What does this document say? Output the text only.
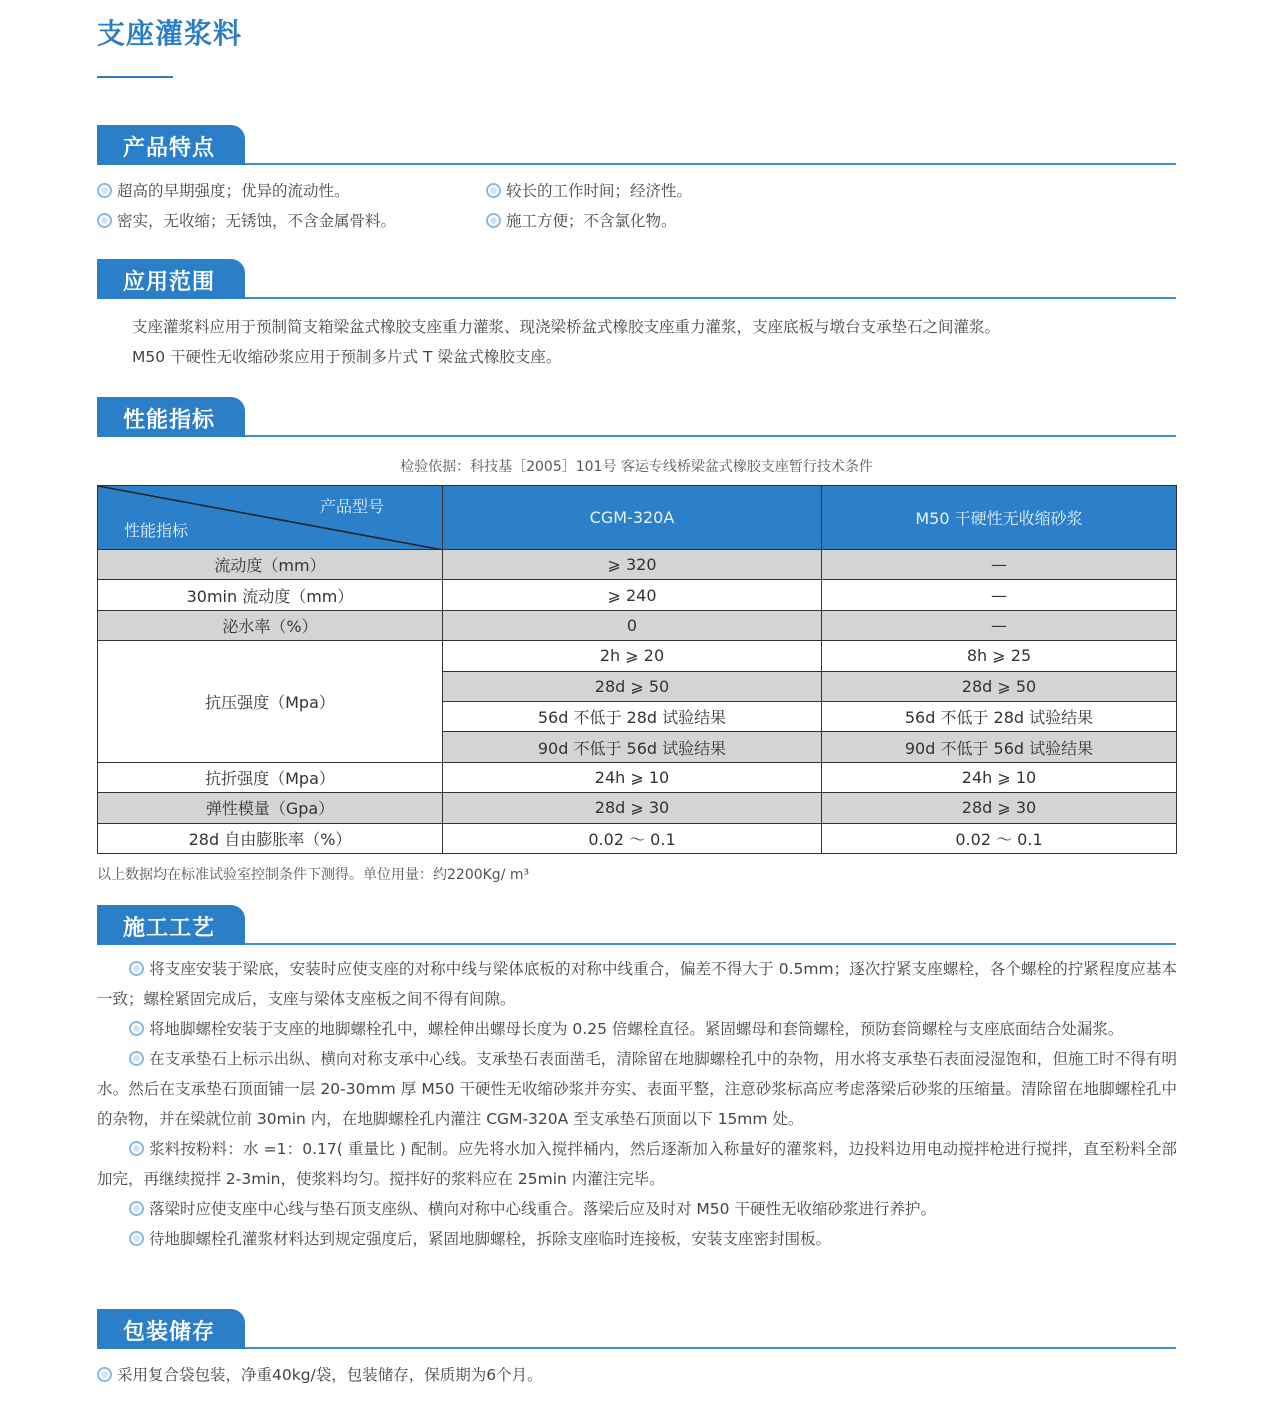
支座灌浆料
产品特点
超高的早期强度；优异的流动性。	较长的工作时间；经济性。
密实，无收缩；无锈蚀，不含金属骨料。	施工方便；不含氯化物。
应用范围
支座灌浆料应用于预制简支箱梁盆式橡胶支座重力灌浆、现浇梁桥盆式橡胶支座重力灌浆，支座底板与墩台支承垫石之间灌浆。
M50 干硬性无收缩砂浆应用于预制多片式 T 梁盆式橡胶支座。
性能指标
检验依据：科技基［2005］101号 客运专线桥梁盆式橡胶支座暂行技术条件
产品型号
性能指标	CGM-320A	M50 干硬性无收缩砂浆
流动度（mm）	⩾ 320	—
30min 流动度（mm）	⩾ 240	—
泌水率（%）	0	—
抗压强度（Mpa）	2h ⩾ 20	8h ⩾ 25
	28d ⩾ 50	28d ⩾ 50
	56d 不低于 28d 试验结果	56d 不低于 28d 试验结果
	90d 不低于 56d 试验结果	90d 不低于 56d 试验结果
抗折强度（Mpa）	24h ⩾ 10	24h ⩾ 10
弹性模量（Gpa）	28d ⩾ 30	28d ⩾ 30
28d 自由膨胀率（%）	0.02 ～ 0.1	0.02 ～ 0.1
以上数据均在标准试验室控制条件下测得。单位用量：约2200Kg/ m³
施工工艺

将支座安装于梁底，安装时应使支座的对称中线与梁体底板的对称中线重合，偏差不得大于 0.5mm；逐次拧紧支座螺栓，各个螺栓的拧紧程度应基本一致；螺栓紧固完成后，支座与梁体支座板之间不得有间隙。

将地脚螺栓安装于支座的地脚螺栓孔中，螺栓伸出螺母长度为 0.25 倍螺栓直径。紧固螺母和套筒螺栓，预防套筒螺栓与支座底面结合处漏浆。

在支承垫石上标示出纵、横向对称支承中心线。支承垫石表面凿毛，清除留在地脚螺栓孔中的杂物，用水将支承垫石表面浸湿饱和，但施工时不得有明水。然后在支承垫石顶面铺一层 20-30mm 厚 M50 干硬性无收缩砂浆并夯实、表面平整，注意砂浆标高应考虑落梁后砂浆的压缩量。清除留在地脚螺栓孔中的杂物，并在梁就位前 30min 内，在地脚螺栓孔内灌注 CGM-320A 至支承垫石顶面以下 15mm 处。

浆料按粉料：水 =1：0.17( 重量比 ) 配制。应先将水加入搅拌桶内，然后逐渐加入称量好的灌浆料，边投料边用电动搅拌枪进行搅拌，直至粉料全部加完，再继续搅拌 2-3min，使浆料均匀。搅拌好的浆料应在 25min 内灌注完毕。

落梁时应使支座中心线与垫石顶支座纵、横向对称中心线重合。落梁后应及时对 M50 干硬性无收缩砂浆进行养护。

待地脚螺栓孔灌浆材料达到规定强度后，紧固地脚螺栓，拆除支座临时连接板，安装支座密封围板。

包装储存
采用复合袋包装，净重40kg/袋，包装储存，保质期为6个月。
